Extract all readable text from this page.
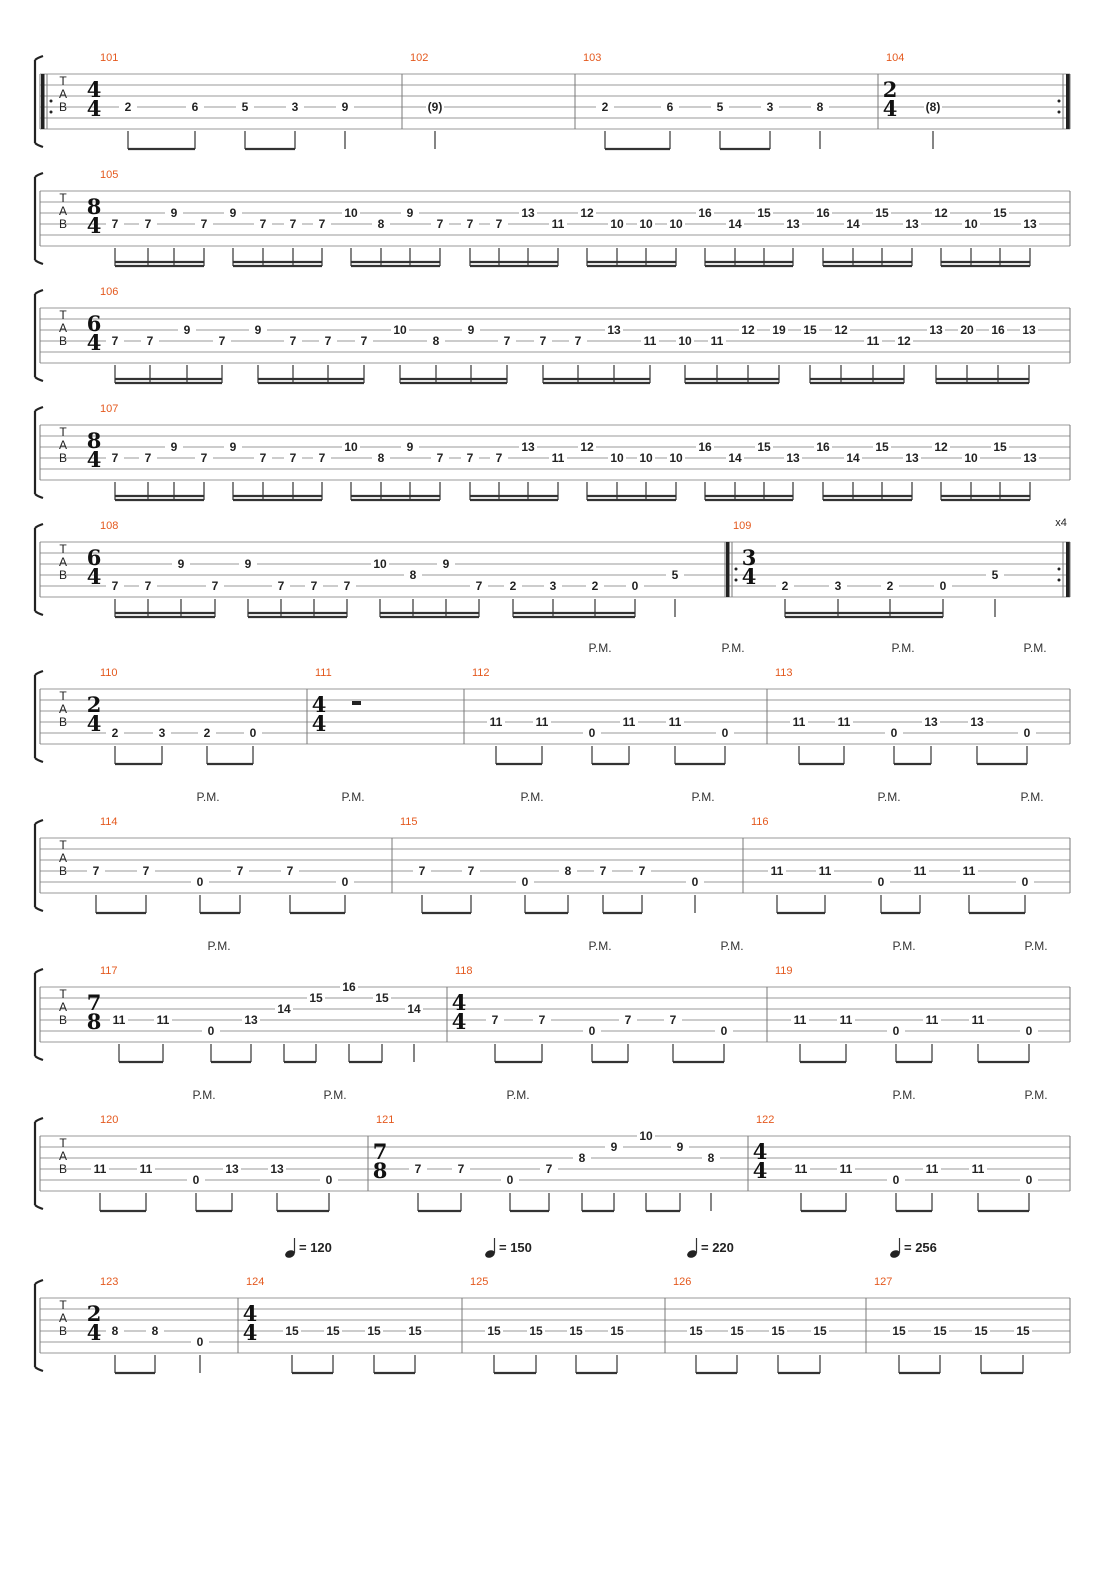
T
A
B
101
4
4 2	6	5	3	9
102
(9)
103
2	6	5	3	8
104
2
4 (8)
T
A
B
105
8
4 7 7
9
7
9
7 7 7
10
8
9
7 7 7
13
11
12
10 10 10
16
14
15
13
16
14
15
13
12
10
15
13
T
A
B
106
6
4 7 7
9
7
9
7 7 7
10
8
9
7 7 7
13
11 10 11
12 19 15 12
11 12
13 20 16 13
T
A
B
107
8
4 7 7
9
7
9
7 7 7
10
8
9
7 7 7
13
11
12
10 10 10
16
14
15
13
16
14
15
13
12
10
15
13
T
A
B
108
6
4 7 7
9
7
9
7 7 7
10
8
9
7 2	3	2	0
5
109	x4
3
4 2	3	2	0
5
T
A
B
P.M.	P.M.	P.M.	P.M.
110
2
4 2	3	2	0
111
4
4
112
11	11
0
11	11
0
113
11	11
0
13	13
0
T
A
B
P.M.	P.M.	P.M.	P.M.	P.M.	P.M.
114
7	7
0
7	7
0
115
7	7
0
8 7	7
0
116
11	11
0
11	11
0
T
A
B
P.M.	P.M.	P.M.	P.M.	P.M.
117
7
8 11	11
0
13
14
15
16
15
14
118
4
4 7	7
0
7	7
0
119
11	11
0
11	11
0
T
A
B
P.M.	P.M.	P.M.	P.M.	P.M.
120
11	11
0
13	13
0
121
7
8 7	7
0
7
8
9
10
9
8
122
4
4 11	11
0
11	11
0
T
A
B
= 120	= 150	= 220	= 256
123
2
4 8	8
0
124
4
4 15 15 15 15
125
15 15 15 15
126
15 15 15 15
127
15 15 15 15
